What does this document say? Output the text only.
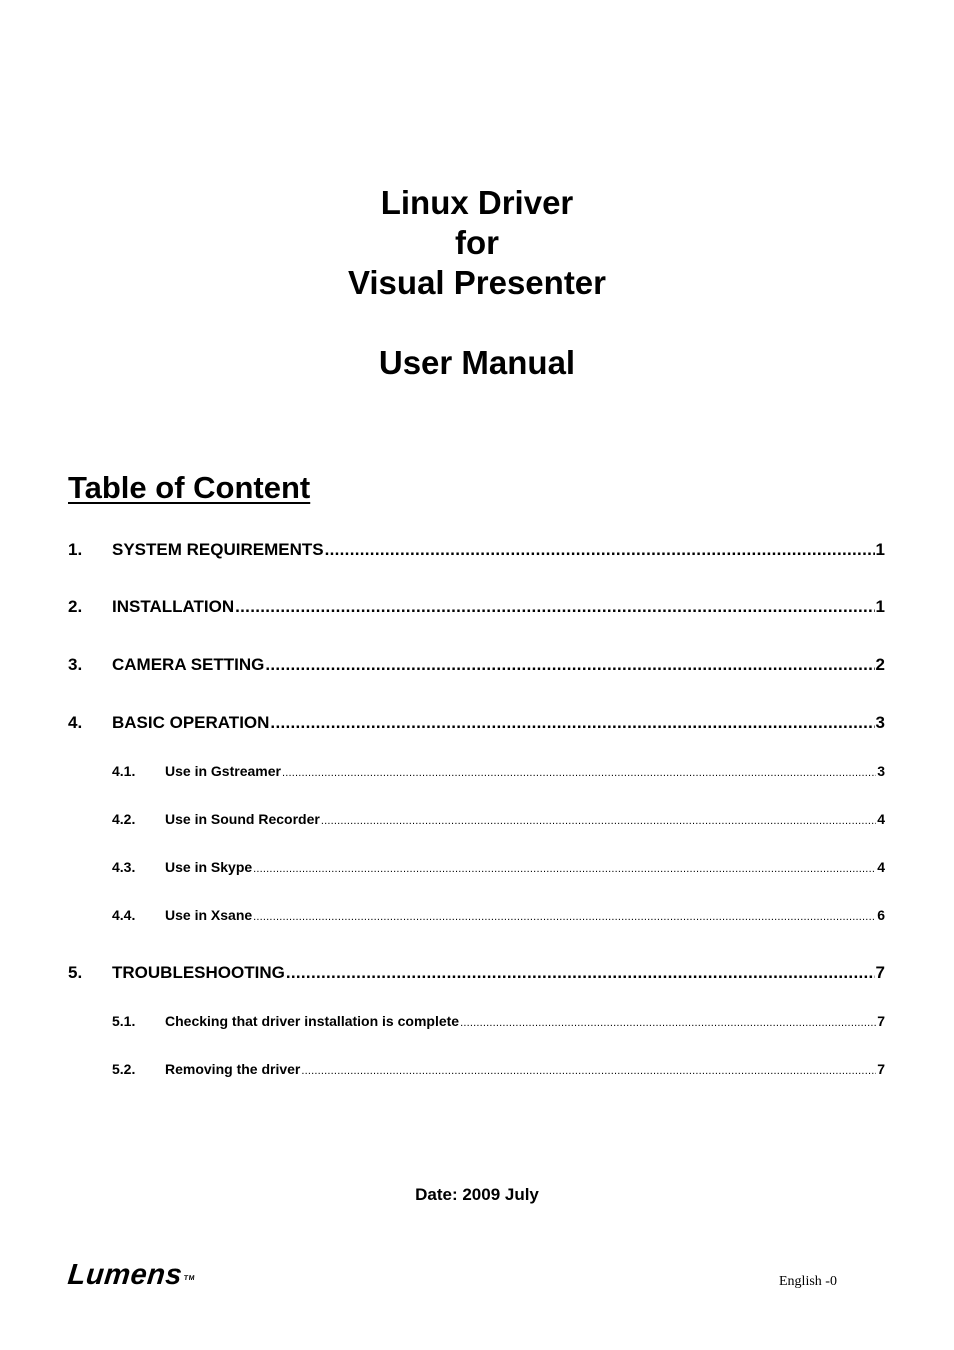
Linux Driver
for
Visual Presenter
User Manual
Table of Content
1.	SYSTEM REQUIREMENTS .....	1
2.	INSTALLATION .....	1
3.	CAMERA SETTING .....	2
4.	BASIC OPERATION .....	3
4.1.	Use in Gstreamer .....	3
4.2.	Use in Sound Recorder .....	4
4.3.	Use in Skype .....	4
4.4.	Use in Xsane .....	6
5.	TROUBLESHOOTING .....	7
5.1.	Checking that driver installation is complete .....	7
5.2.	Removing the driver .....	7
Date: 2009 July
Lumens™	English -0
